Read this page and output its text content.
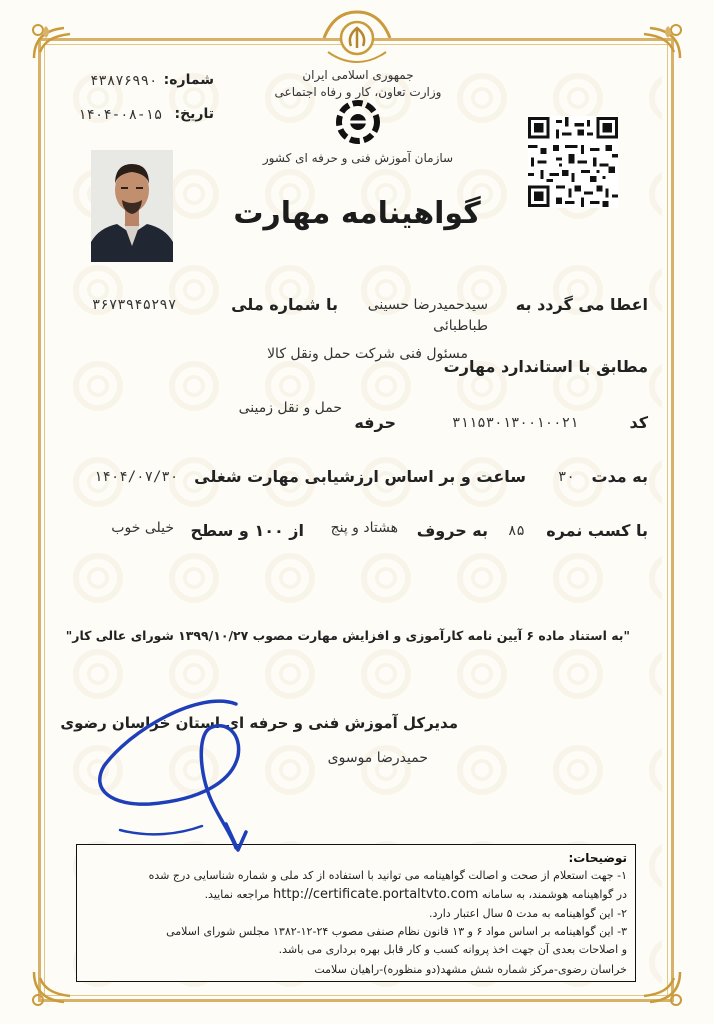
جمهوری اسلامی ایران
وزارت تعاون، کار و رفاه اجتماعی
سازمان آموزش فنی و حرفه ای کشور
شماره:
۴۳۸۷۶۹۹۰
تاریخ:
۱۴۰۴-۰۸-۱۵
گواهینامه مهارت
اعطا می گردد به
سیدحمیدرضا حسینی
طباطبائی
با شماره ملی
۳۶۷۳۹۴۵۲۹۷
مطابق با استاندارد مهارت
مسئول فنی شرکت حمل ونقل کالا
کد
۳۱۱۵۳۰۱۳۰۰۱۰۰۲۱
حرفه
حمل و نقل زمینی
به مدت
۳۰
ساعت و بر اساس ارزشیابی مهارت شغلی
۱۴۰۴/۰۷/۳۰
با کسب نمره
۸۵
به حروف
هشتاد و پنج
از ۱۰۰ و سطح
خیلی خوب
"به استناد ماده ۶ آیین نامه کارآموزی و افزایش مهارت مصوب ۱۳۹۹/۱۰/۲۷ شورای عالی کار"
مدیرکل آموزش فنی و حرفه ای استان خراسان رضوی
حمیدرضا موسوی
توضیحات:
۱- جهت استعلام از صحت و اصالت گواهینامه می توانید با استفاده از کد ملی و شماره شناسایی درج شده
در گواهینامه هوشمند، به سامانه http://certificate.portaltvto.com مراجعه نمایید.
۲- این گواهینامه به مدت ۵ سال اعتبار دارد.
۳- این گواهینامه بر اساس مواد ۶ و ۱۳ قانون نظام صنفی مصوب ۲۴-۱۲-۱۳۸۲ مجلس شورای اسلامی
و اصلاحات بعدی آن جهت اخذ پروانه کسب و کار قابل بهره برداری می باشد.
خراسان رضوی-مرکز شماره شش مشهد(دو منظوره)-راهیان سلامت
